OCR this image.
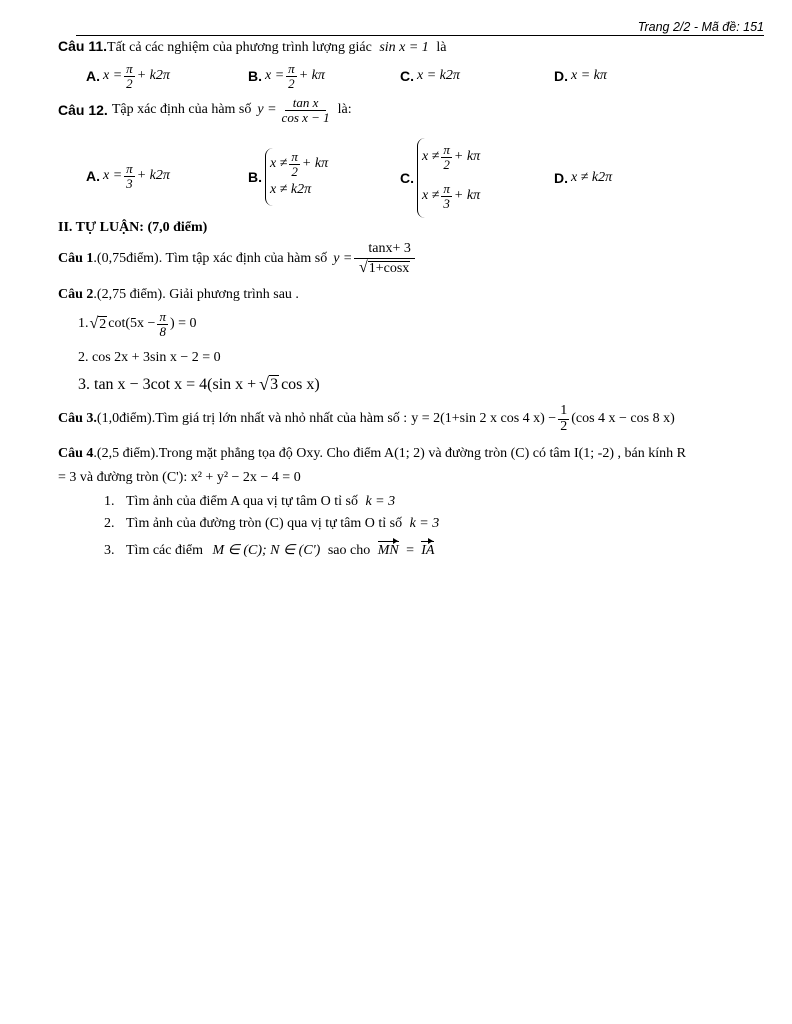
Trang 2/2 - Mã đề: 151
Câu 11.Tất cả các nghiệm của phương trình lượng giác sin x = 1 là
A. $x = \frac{\pi}{2} + k2\pi$	B. $x = \frac{\pi}{2} + k\pi$	C. x = k2π	D. x = kπ
Câu 12. Tập xác định của hàm số $y = \frac{\text{tan x}}{\text{cos x − 1}}$ là:
A. $x = \frac{\pi}{3} + k2\pi$	B.
$x \ne \frac{\pi}{2} + k\pi$
x ≠ k2π
C.
$x \ne \frac{\pi}{2} + k\pi$
$x \ne \frac{\pi}{3} + k\pi$
D. x ≠ k2π
II. TỰ LUẬN: (7,0 điểm)
Câu 1 .(0,75điểm). Tìm tập xác định của hàm số $y = \frac{\tan x+ 3}{√ 1+\cos x}$
Câu 2.(2,75 điểm). Giải phương trình sau .
1. √ 2 $\cot(5x - \frac{\pi}{8}$ ) = 0
2. cos 2x + 3sin x − 2 = 0
3. tan x − 3cot x = 4(sin x + √ 3 cos x)
Câu 3. (1,0điểm).Tìm giá trị lớn nhất và nhỏ nhất của hàm số : y = 2(1+sin 2 x cos 4 $x) - \frac{1}{2} (\cos$ 4 x − cos 8 x)
Câu 4.(2,5 điểm).Trong mặt phẳng tọa độ Oxy. Cho điểm A(1; 2) và đường tròn (C) có tâm I(1; -2) , bán kính R
= 3 và đường tròn (C'): x² + y² − 2x − 4 = 0
1. Tìm ảnh của điểm A qua vị tự tâm O tỉ số k = 3
2. Tìm ảnh của đường tròn (C) qua vị tự tâm O tỉ số k = 3
3. Tìm các điểm M ∈ (C); N ∈ (C') sao cho MN = IA
